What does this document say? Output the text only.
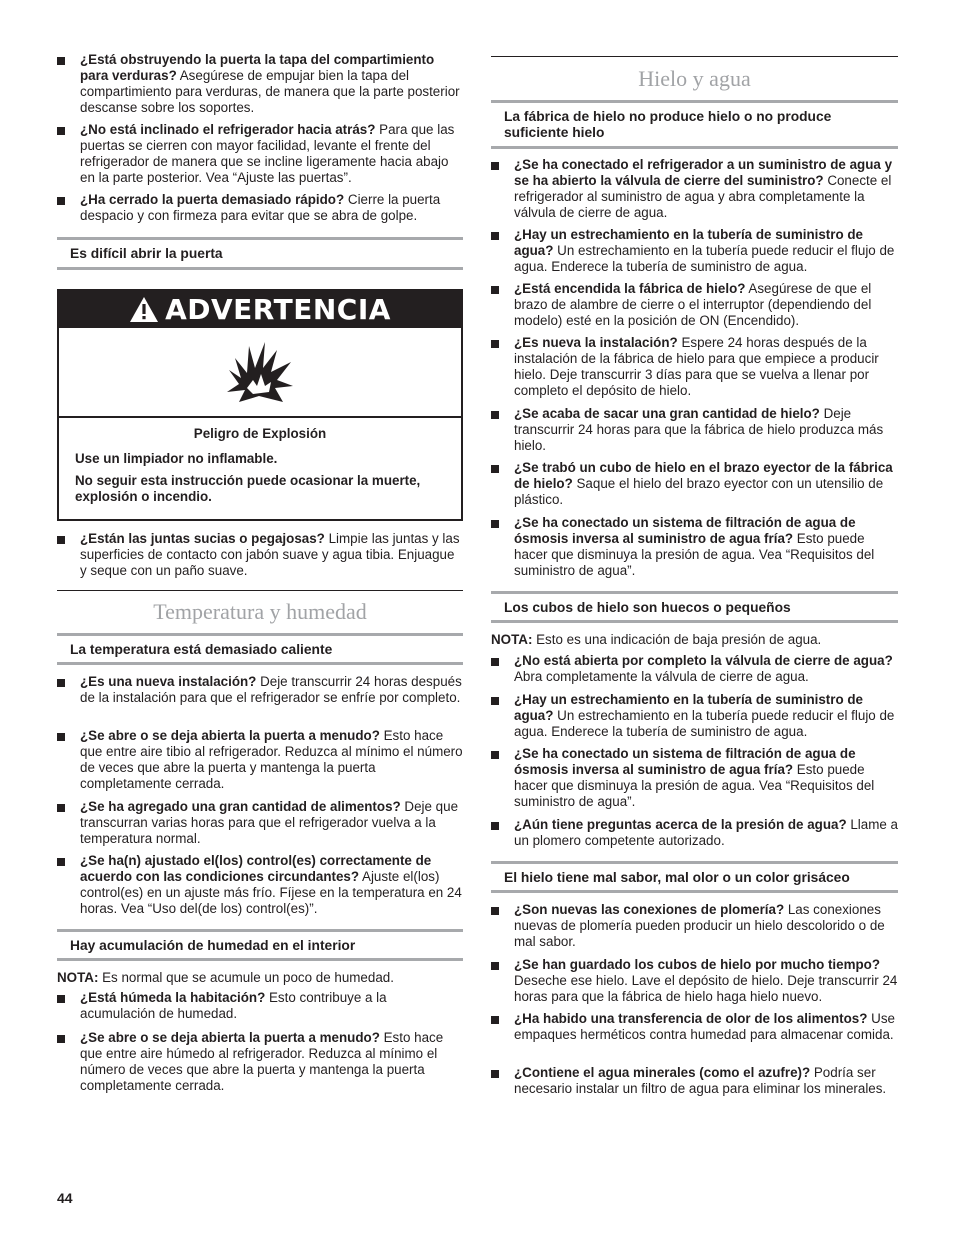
¿Está obstruyendo la puerta la tapa del compartimiento para verduras? Asegúrese de empujar bien la tapa del compartimiento para verduras, de manera que la parte posterior descanse sobre los soportes.
¿No está inclinado el refrigerador hacia atrás? Para que las puertas se cierren con mayor facilidad, levante el frente del refrigerador de manera que se incline ligeramente hacia abajo en la parte posterior. Vea “Ajuste las puertas”.
¿Ha cerrado la puerta demasiado rápido? Cierre la puerta despacio y con firmeza para evitar que se abra de golpe.
Es difícil abrir la puerta
ADVERTENCIA
Peligro de Explosión
Use un limpiador no inflamable.
No seguir esta instrucción puede ocasionar la muerte, explosión o incendio.
¿Están las juntas sucias o pegajosas? Limpie las juntas y las superficies de contacto con jabón suave y agua tibia. Enjuague y seque con un paño suave.
Temperatura y humedad
La temperatura está demasiado caliente
¿Es una nueva instalación? Deje transcurrir 24 horas después de la instalación para que el refrigerador se enfríe por completo.
¿Se abre o se deja abierta la puerta a menudo? Esto hace que entre aire tibio al refrigerador. Reduzca al mínimo el número de veces que abre la puerta y mantenga la puerta completamente cerrada.
¿Se ha agregado una gran cantidad de alimentos? Deje que transcurran varias horas para que el refrigerador vuelva a la temperatura normal.
¿Se ha(n) ajustado el(los) control(es) correctamente de acuerdo con las condiciones circundantes? Ajuste el(los) control(es) en un ajuste más frío. Fíjese en la temperatura en 24 horas. Vea “Uso del(de los) control(es)”.
Hay acumulación de humedad en el interior
NOTA: Es normal que se acumule un poco de humedad.
¿Está húmeda la habitación? Esto contribuye a la acumulación de humedad.
¿Se abre o se deja abierta la puerta a menudo? Esto hace que entre aire húmedo al refrigerador. Reduzca al mínimo el número de veces que abre la puerta y mantenga la puerta completamente cerrada.
Hielo y agua
La fábrica de hielo no produce hielo o no produce suficiente hielo
¿Se ha conectado el refrigerador a un suministro de agua y se ha abierto la válvula de cierre del suministro? Conecte el refrigerador al suministro de agua y abra completamente la válvula de cierre de agua.
¿Hay un estrechamiento en la tubería de suministro de agua? Un estrechamiento en la tubería puede reducir el flujo de agua. Enderece la tubería de suministro de agua.
¿Está encendida la fábrica de hielo? Asegúrese de que el brazo de alambre de cierre o el interruptor (dependiendo del modelo) esté en la posición de ON (Encendido).
¿Es nueva la instalación? Espere 24 horas después de la instalación de la fábrica de hielo para que empiece a producir hielo. Deje transcurrir 3 días para que se vuelva a llenar por completo el depósito de hielo.
¿Se acaba de sacar una gran cantidad de hielo? Deje transcurrir 24 horas para que la fábrica de hielo produzca más hielo.
¿Se trabó un cubo de hielo en el brazo eyector de la fábrica de hielo? Saque el hielo del brazo eyector con un utensilio de plástico.
¿Se ha conectado un sistema de filtración de agua de ósmosis inversa al suministro de agua fría? Esto puede hacer que disminuya la presión de agua. Vea “Requisitos del suministro de agua”.
Los cubos de hielo son huecos o pequeños
NOTA: Esto es una indicación de baja presión de agua.
¿No está abierta por completo la válvula de cierre de agua? Abra completamente la válvula de cierre de agua.
¿Hay un estrechamiento en la tubería de suministro de agua? Un estrechamiento en la tubería puede reducir el flujo de agua. Enderece la tubería de suministro de agua.
¿Se ha conectado un sistema de filtración de agua de ósmosis inversa al suministro de agua fría? Esto puede hacer que disminuya la presión de agua. Vea “Requisitos del suministro de agua”.
¿Aún tiene preguntas acerca de la presión de agua? Llame a un plomero competente autorizado.
El hielo tiene mal sabor, mal olor o un color grisáceo
¿Son nuevas las conexiones de plomería? Las conexiones nuevas de plomería pueden producir un hielo descolorido o de mal sabor.
¿Se han guardado los cubos de hielo por mucho tiempo? Deseche ese hielo. Lave el depósito de hielo. Deje transcurrir 24 horas para que la fábrica de hielo haga hielo nuevo.
¿Ha habido una transferencia de olor de los alimentos? Use empaques herméticos contra humedad para almacenar comida.
¿Contiene el agua minerales (como el azufre)? Podría ser necesario instalar un filtro de agua para eliminar los minerales.
44
